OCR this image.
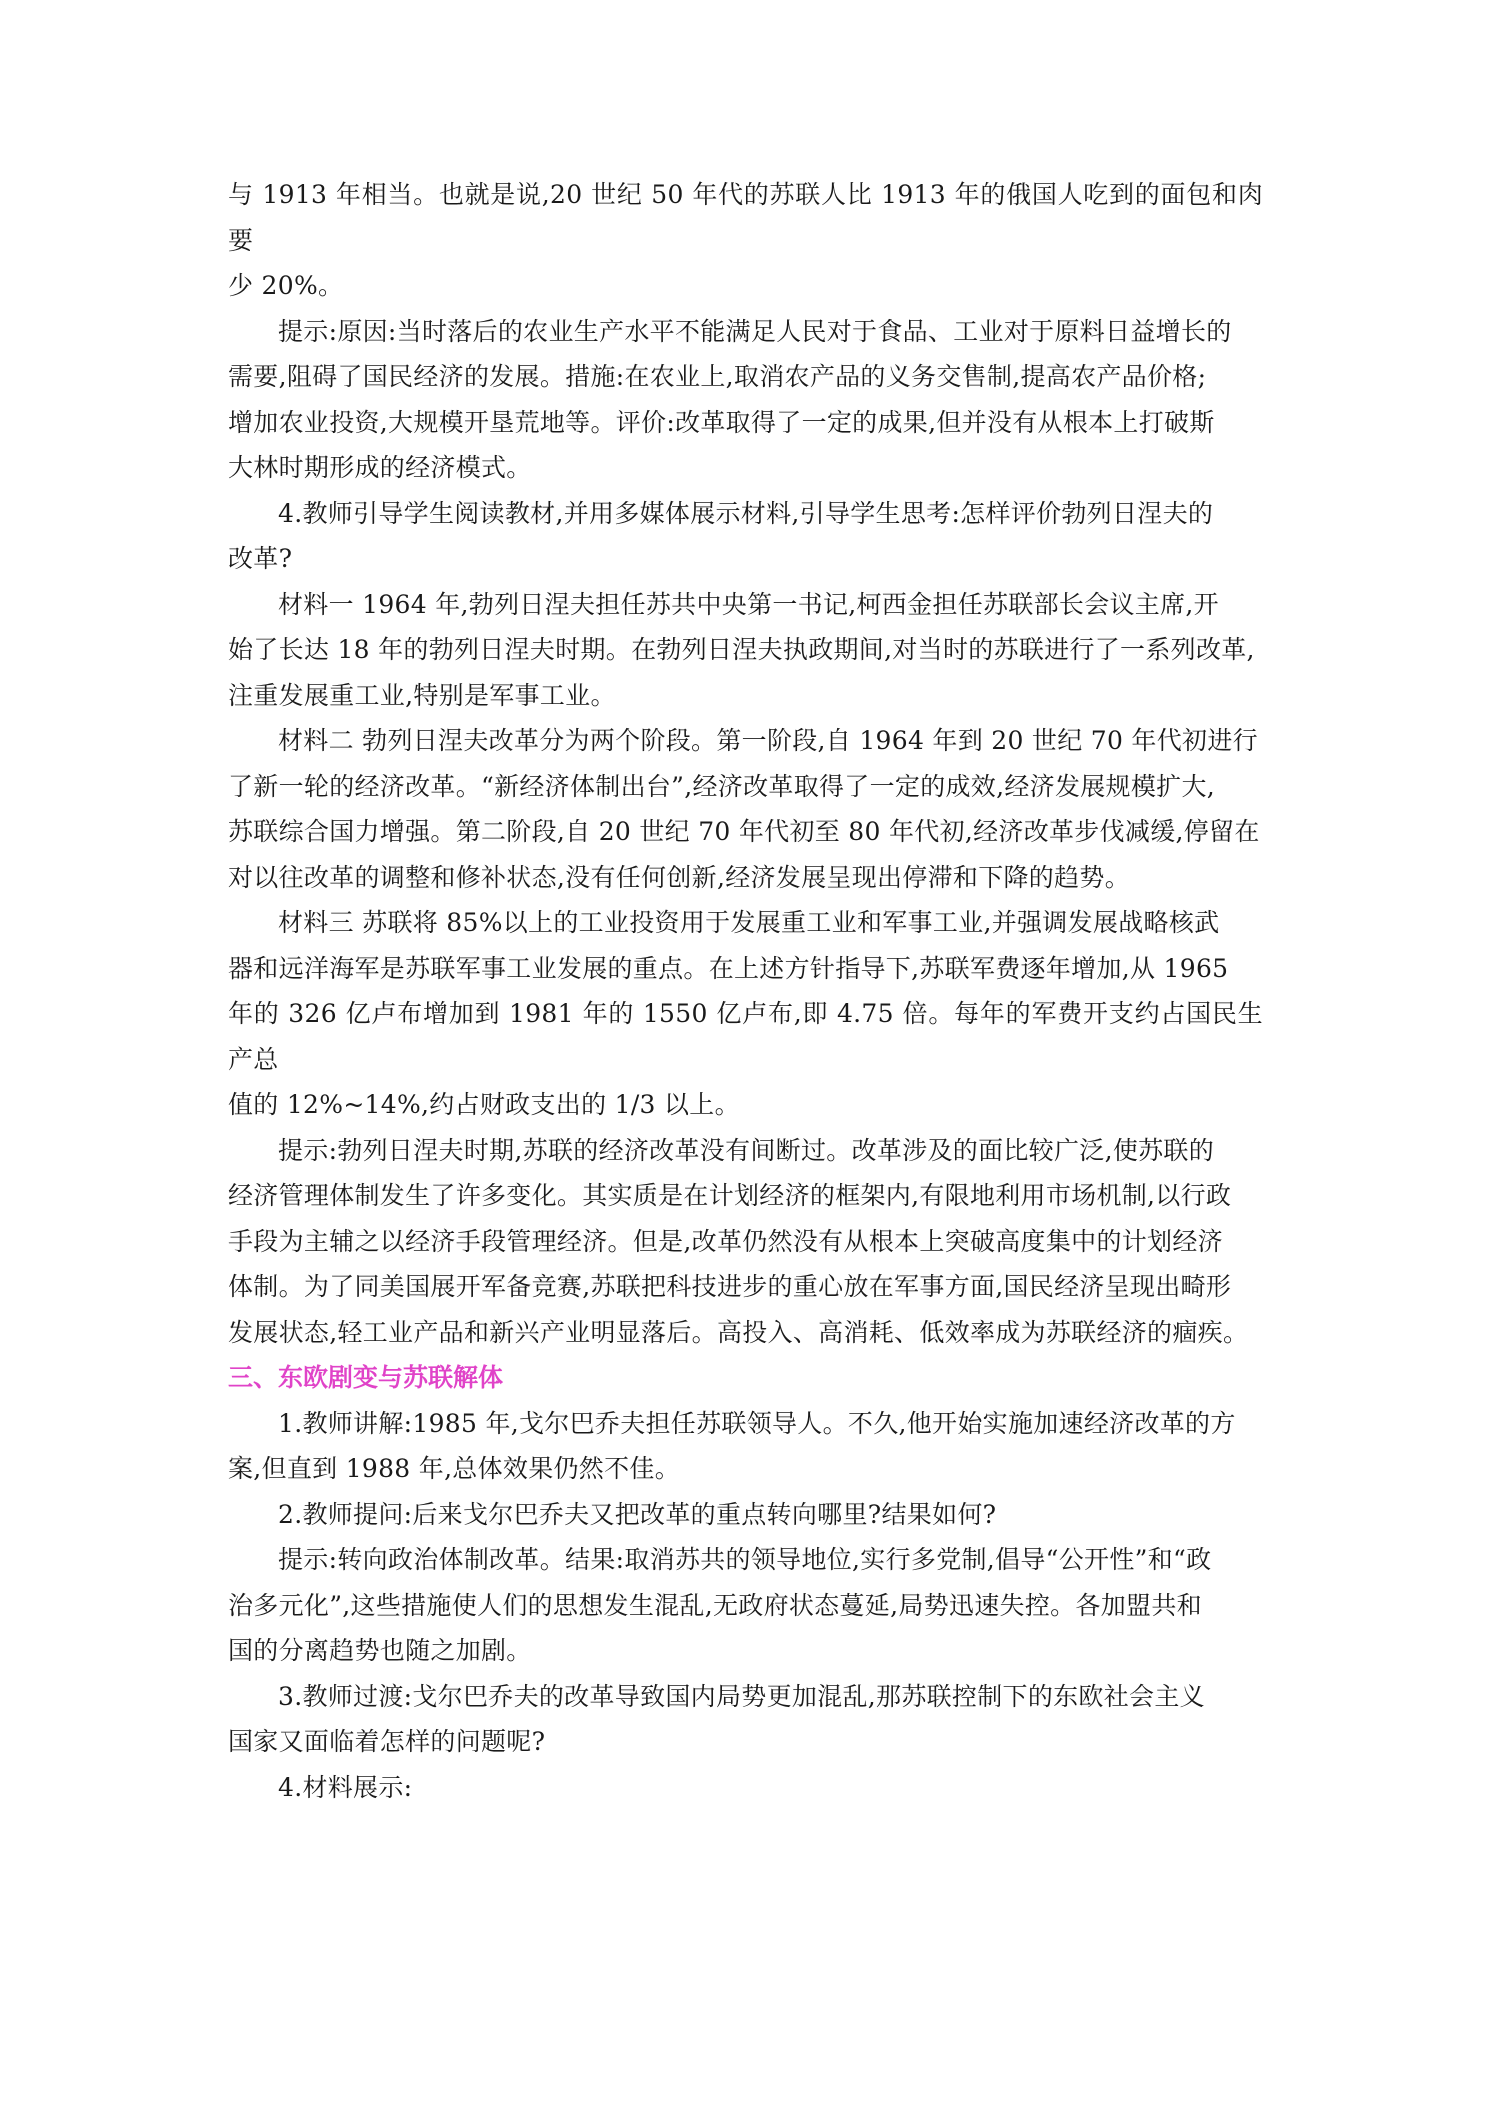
与 1913 年相当。也就是说,20 世纪 50 年代的苏联人比 1913 年的俄国人吃到的面包和肉要
少 20%。

提示:原因:当时落后的农业生产水平不能满足人民对于食品、工业对于原料日益增长的
需要,阻碍了国民经济的发展。措施:在农业上,取消农产品的义务交售制,提高农产品价格;
增加农业投资,大规模开垦荒地等。评价:改革取得了一定的成果,但并没有从根本上打破斯
大林时期形成的经济模式。

4.教师引导学生阅读教材,并用多媒体展示材料,引导学生思考:怎样评价勃列日涅夫的
改革?

材料一 1964 年,勃列日涅夫担任苏共中央第一书记,柯西金担任苏联部长会议主席,开
始了长达 18 年的勃列日涅夫时期。在勃列日涅夫执政期间,对当时的苏联进行了一系列改革,
注重发展重工业,特别是军事工业。

材料二 勃列日涅夫改革分为两个阶段。第一阶段,自 1964 年到 20 世纪 70 年代初进行
了新一轮的经济改革。“新经济体制出台”,经济改革取得了一定的成效,经济发展规模扩大,
苏联综合国力增强。第二阶段,自 20 世纪 70 年代初至 80 年代初,经济改革步伐减缓,停留在
对以往改革的调整和修补状态,没有任何创新,经济发展呈现出停滞和下降的趋势。

材料三 苏联将 85%以上的工业投资用于发展重工业和军事工业,并强调发展战略核武
器和远洋海军是苏联军事工业发展的重点。在上述方针指导下,苏联军费逐年增加,从 1965
年的 326 亿卢布增加到 1981 年的 1550 亿卢布,即 4.75 倍。每年的军费开支约占国民生产总
值的 12%~14%,约占财政支出的 1/3 以上。

提示:勃列日涅夫时期,苏联的经济改革没有间断过。改革涉及的面比较广泛,使苏联的
经济管理体制发生了许多变化。其实质是在计划经济的框架内,有限地利用市场机制,以行政
手段为主辅之以经济手段管理经济。但是,改革仍然没有从根本上突破高度集中的计划经济
体制。为了同美国展开军备竞赛,苏联把科技进步的重心放在军事方面,国民经济呈现出畸形
发展状态,轻工业产品和新兴产业明显落后。高投入、高消耗、低效率成为苏联经济的痼疾。

三、东欧剧变与苏联解体

1.教师讲解:1985 年,戈尔巴乔夫担任苏联领导人。不久,他开始实施加速经济改革的方
案,但直到 1988 年,总体效果仍然不佳。

2.教师提问:后来戈尔巴乔夫又把改革的重点转向哪里?结果如何?

提示:转向政治体制改革。结果:取消苏共的领导地位,实行多党制,倡导“公开性”和“政
治多元化”,这些措施使人们的思想发生混乱,无政府状态蔓延,局势迅速失控。各加盟共和
国的分离趋势也随之加剧。

3.教师过渡:戈尔巴乔夫的改革导致国内局势更加混乱,那苏联控制下的东欧社会主义
国家又面临着怎样的问题呢?

4.材料展示:
